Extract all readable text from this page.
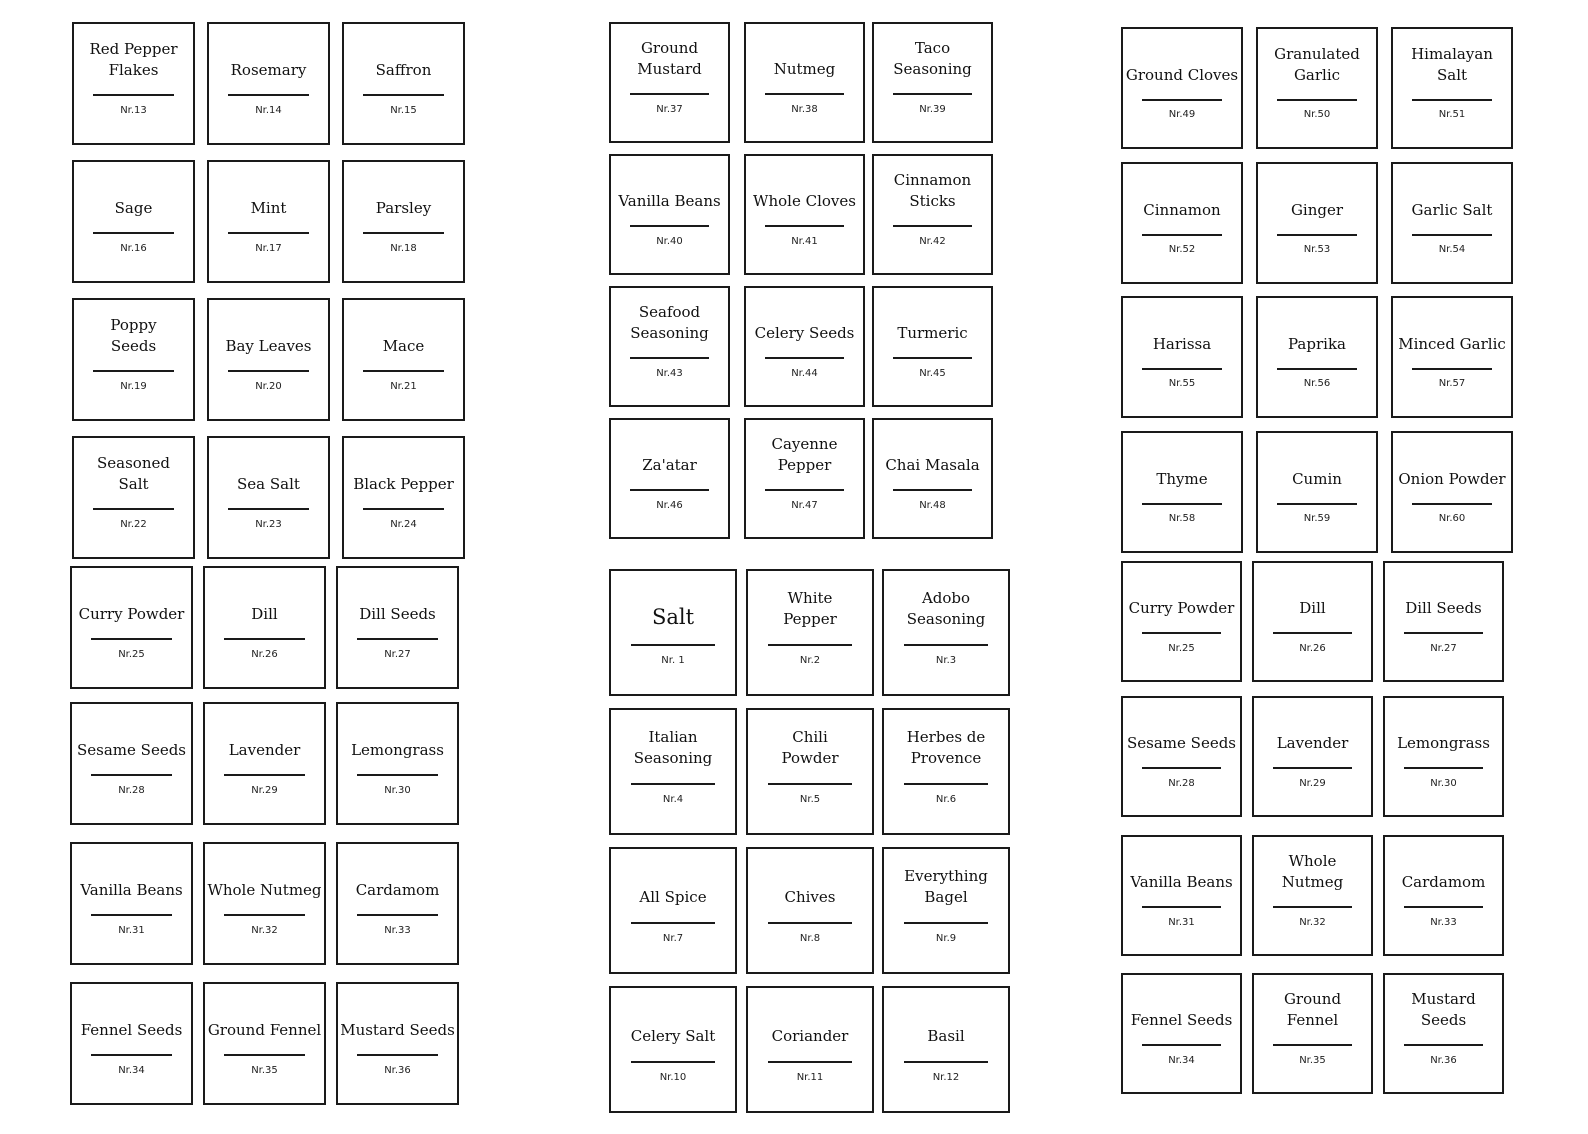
Red Pepper
Flakes
Nr.13
Rosemary
Nr.14
Saffron
Nr.15
Sage
Nr.16
Mint
Nr.17
Parsley
Nr.18
Poppy
Seeds
Nr.19
Bay Leaves
Nr.20
Mace
Nr.21
Seasoned
Salt
Nr.22
Sea Salt
Nr.23
Black Pepper
Nr.24
Curry Powder
Nr.25
Dill
Nr.26
Dill Seeds
Nr.27
Sesame Seeds
Nr.28
Lavender
Nr.29
Lemongrass
Nr.30
Vanilla Beans
Nr.31
Whole Nutmeg
Nr.32
Cardamom
Nr.33
Fennel Seeds
Nr.34
Ground Fennel
Nr.35
Mustard Seeds
Nr.36
Ground
Mustard
Nr.37
Nutmeg
Nr.38
Taco Seasoning
Nr.39
Vanilla Beans
Nr.40
Whole Cloves
Nr.41
Cinnamon
Sticks
Nr.42
Seafood
Seasoning
Nr.43
Celery Seeds
Nr.44
Turmeric
Nr.45
Za'atar
Nr.46
Cayenne
Pepper
Nr.47
Chai Masala
Nr.48
Salt
Nr. 1
White
Pepper
Nr.2
Adobo
Seasoning
Nr.3
Italian
Seasoning
Nr.4
Chili
Powder
Nr.5
Herbes de
Provence
Nr.6
All Spice
Nr.7
Chives
Nr.8
Everything
Bagel
Nr.9
Celery Salt
Nr.10
Coriander
Nr.11
Basil
Nr.12
Ground Cloves
Nr.49
Granulated
Garlic
Nr.50
Himalayan
Salt
Nr.51
Cinnamon
Nr.52
Ginger
Nr.53
Garlic Salt
Nr.54
Harissa
Nr.55
Paprika
Nr.56
Minced Garlic
Nr.57
Thyme
Nr.58
Cumin
Nr.59
Onion Powder
Nr.60
Curry Powder
Nr.25
Dill
Nr.26
Dill Seeds
Nr.27
Sesame Seeds
Nr.28
Lavender
Nr.29
Lemongrass
Nr.30
Vanilla Beans
Nr.31
Whole Nutmeg
Nr.32
Cardamom
Nr.33
Fennel Seeds
Nr.34
Ground Fennel
Nr.35
Mustard Seeds
Nr.36
